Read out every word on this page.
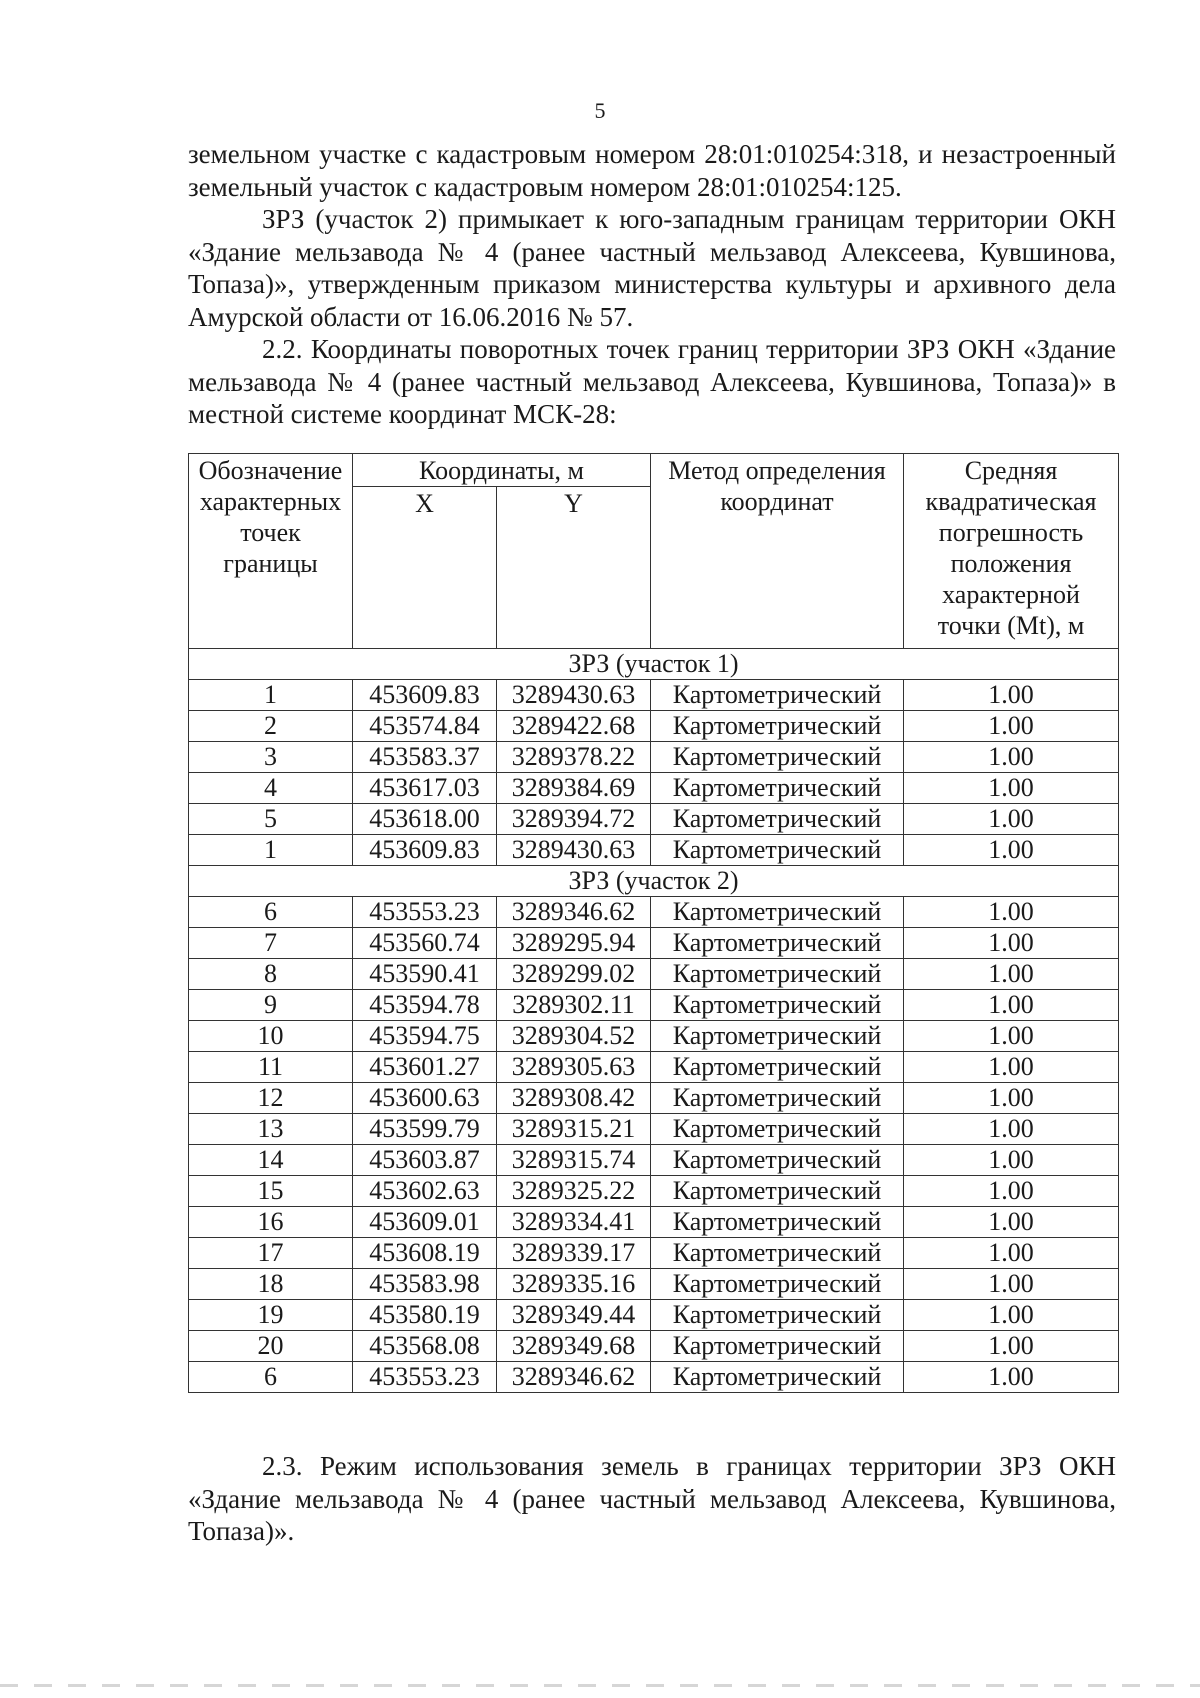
5

земельном участке с кадастровым номером 28:01:010254:318, и незастроенный земельный участок с кадастровым номером 28:01:010254:125.

ЗРЗ (участок 2) примыкает к юго-западным границам территории ОКН «Здание мельзавода № 4 (ранее частный мельзавод Алексеева, Кувшинова, Топаза)», утвержденным приказом министерства культуры и архивного дела Амурской области от 16.06.2016 № 57.

2.2. Координаты поворотных точек границ территории ЗРЗ ОКН «Здание мельзавода № 4 (ранее частный мельзавод Алексеева, Кувшинова, Топаза)» в местной системе координат МСК-28:

Обозначение характерных точек границы	Координаты, м		Метод определения координат	Средняя квадратическая погрешность положения характерной точки (Mt), м
	X	Y		
ЗРЗ (участок 1)				
1	453609.83	3289430.63	Картометрический	1.00
2	453574.84	3289422.68	Картометрический	1.00
3	453583.37	3289378.22	Картометрический	1.00
4	453617.03	3289384.69	Картометрический	1.00
5	453618.00	3289394.72	Картометрический	1.00
1	453609.83	3289430.63	Картометрический	1.00
ЗРЗ (участок 2)				
6	453553.23	3289346.62	Картометрический	1.00
7	453560.74	3289295.94	Картометрический	1.00
8	453590.41	3289299.02	Картометрический	1.00
9	453594.78	3289302.11	Картометрический	1.00
10	453594.75	3289304.52	Картометрический	1.00
11	453601.27	3289305.63	Картометрический	1.00
12	453600.63	3289308.42	Картометрический	1.00
13	453599.79	3289315.21	Картометрический	1.00
14	453603.87	3289315.74	Картометрический	1.00
15	453602.63	3289325.22	Картометрический	1.00
16	453609.01	3289334.41	Картометрический	1.00
17	453608.19	3289339.17	Картометрический	1.00
18	453583.98	3289335.16	Картометрический	1.00
19	453580.19	3289349.44	Картометрический	1.00
20	453568.08	3289349.68	Картометрический	1.00
6	453553.23	3289346.62	Картометрический	1.00

2.3. Режим использования земель в границах территории ЗРЗ ОКН «Здание мельзавода № 4 (ранее частный мельзавод Алексеева, Кувшинова, Топаза)».
